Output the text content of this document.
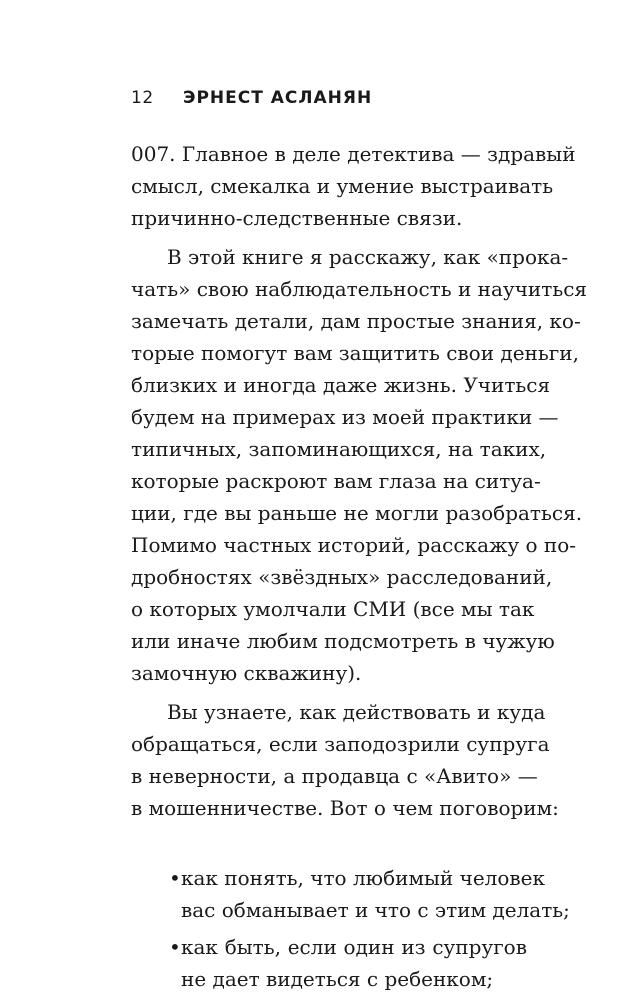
12 ЭРНЕСТ АСЛАНЯН
007. Главное в деле детектива — здравый
смысл, смекалка и умение выстраивать
причинно-следственные связи.
В этой книге я расскажу, как «прока-
чать» свою наблюдательность и научиться
замечать детали, дам простые знания, ко-
торые помогут вам защитить свои деньги,
близких и иногда даже жизнь. Учиться
будем на примерах из моей практики —
типичных, запоминающихся, на таких,
которые раскроют вам глаза на ситуа-
ции, где вы раньше не могли разобраться.
Помимо частных историй, расскажу о по-
дробностях «звёздных» расследований,
о которых умолчали СМИ (все мы так
или иначе любим подсмотреть в чужую
замочную скважину).
Вы узнаете, как действовать и куда
обращаться, если заподозрили супруга
в неверности, а продавца с «Авито» —
в мошенничестве. Вот о чем поговорим:
• как понять, что любимый человек
вас обманывает и что с этим делать;
• как быть, если один из супругов
не дает видеться с ребенком;
